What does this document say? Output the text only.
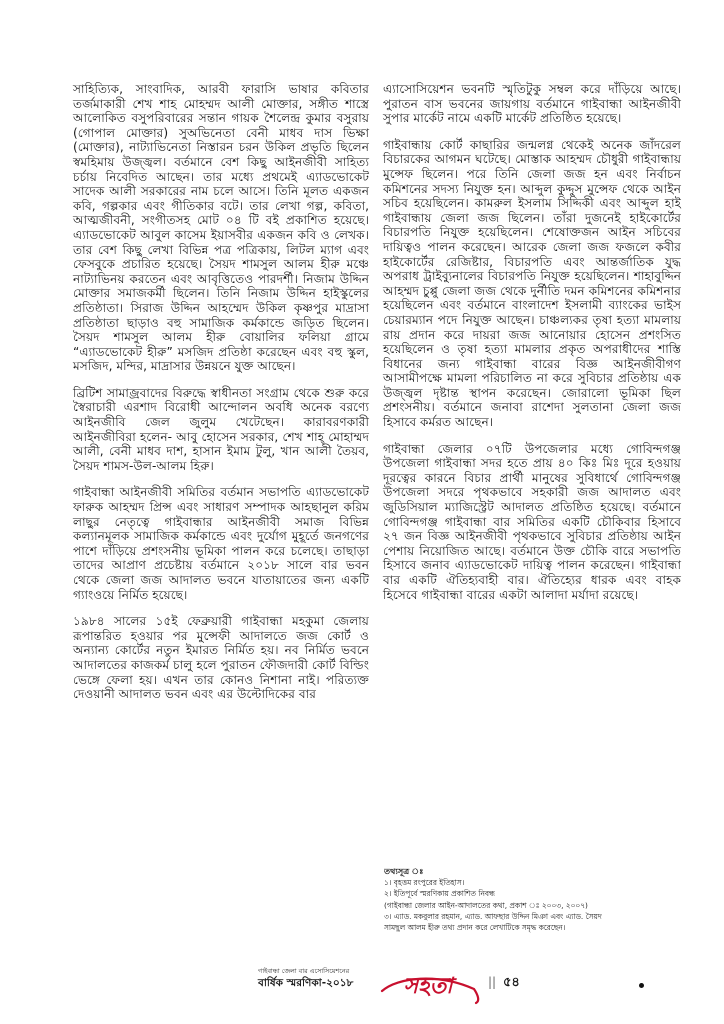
সাহিত্যিক, সাংবাদিক, আরবী ফারাসি ভাষার কবিতার তর্জমাকারী শেখ শাহ মোহম্মদ আলী মোক্তার, সঙ্গীত শাস্ত্রে আলোকিত বসুপরিবারের সন্তান গায়ক শৈলেন্দ্র কুমার বসুরায় (গোপাল মোক্তার) সুঅভিনেতা বেনী মাধব দাস ভিক্ষা (মোক্তার), নাট্যাভিনেতা নিস্তারন চরন উকিল প্রভৃতি ছিলেন স্বমহিমায় উজ্জ্বল। বর্তমানে বেশ কিছু আইনজীবী সাহিত্য চর্চায় নিবেদিত আছেন। তার মধ্যে প্রথমেই এ্যাডভোকেট সাদেক আলী সরকারের নাম চলে আসে। তিনি মূলত একজন কবি, গল্পকার এবং গীতিকার বটে। তার লেখা গল্প, কবিতা, আত্মজীবনী, সংগীতসহ মোট ০৪ টি বই প্রকাশিত হয়েছে। এ্যাডভোকেট আবুল কাসেম ইয়াসবীর একজন কবি ও লেখক। তার বেশ কিছু লেখা বিভিন্ন পত্র পত্রিকায়, লিটল ম্যাগ এবং ফেসবুকে প্রচারিত হয়েছে। সৈয়দ শামসুল আলম হীরু মঞ্চে নাট্যাভিনয় করতেন এবং আবৃত্তিতেও পারদর্শী। নিজাম উদ্দিন মোক্তার সমাজকর্মী ছিলেন। তিনি নিজাম উদ্দিন হাইস্কুলের প্রতিষ্ঠাতা। সিরাজ উদ্দিন আহম্মেদ উকিল কৃষ্ণপুর মাদ্রাসা প্রতিষ্ঠাতা ছাড়াও বহু সামাজিক কর্মকান্ডে জড়িত ছিলেন। সৈয়দ শামসুল আলম হীরু বোয়ালির ফলিয়া গ্রামে “এ্যাডভোকেট হীরু” মসজিদ প্রতিষ্ঠা করেছেন এবং বহু স্কুল, মসজিদ, মন্দির, মাদ্রাসার উন্নয়নে যুক্ত আছেন।

ব্রিটিশ সামাজ্রবাদের বিরুদ্ধে স্বাধীনতা সংগ্রাম থেকে শুরু করে স্বৈরাচারী এরশাদ বিরোধী আন্দোলন অবধি অনেক বরণ্যে আইনজীবি জেল জুলুম খেটেছেন। কারাবরণকারী আইনজীবিরা হলেন- আবু হোসেন সরকার, শেখ শাহ্ মোহাম্মদ আলী, বেনী মাধব দাশ, হাসান ইমাম টুলু, খান আলী তৈয়ব, সৈয়দ শামস-উল-আলম হিরু।

গাইবান্ধা আইনজীবী সমিতির বর্তমান সভাপতি এ্যাডভোকেট ফারুক আহম্মদ প্রিন্স এবং সাধারণ সম্পাদক আহছানুল করিম লাছুর নেতৃত্বে গাইবান্ধার আইনজীবী সমাজ বিভিন্ন কল্যানমূলক সামাজিক কর্মকান্ডে এবং দুর্যোগ মুহূর্তে জনগণের পাশে দাঁড়িয়ে প্রশংসনীয় ভূমিকা পালন করে চলেছে। তাছাড়া তাদের আপ্রাণ প্রচেষ্টায় বর্তমানে ২০১৮ সালে বার ভবন থেকে জেলা জজ আদালত ভবনে যাতায়াতের জন্য একটি গ্যাংওয়ে নির্মিত হয়েছে।

১৯৮৪ সালের ১৫ই ফেব্রুয়ারী গাইবান্ধা মহকুমা জেলায় রূপান্তরিত হওয়ার পর মুন্সেফী আদালতে জজ কোর্ট ও অন্যান্য কোর্টের নতুন ইমারত নির্মিত হয়। নব নির্মিত ভবনে আদালতের কাজকর্ম চালু হলে পুরাতন ফৌজদারী কোর্ট বিল্ডিং ভেঙ্গে ফেলা হয়। এখন তার কোনও নিশানা নাই। পরিত্যক্ত দেওয়ানী আদালত ভবন এবং এর উল্টোদিকের বার

এ্যাসোসিয়েশন ভবনটি স্মৃতিটুকু সম্বল করে দাঁড়িয়ে আছে। পুরাতন বাস ভবনের জায়গায় বর্তমানে গাইবান্ধা আইনজীবী সুপার মার্কেট নামে একটি মার্কেট প্রতিষ্ঠিত হয়েছে।

গাইবান্ধায় কোর্ট কাছারির জন্মলগ্ন থেকেই অনেক জাঁদরেল বিচারকের আগমন ঘটেছে। মোস্তাক আহম্মদ চৌধুরী গাইবান্ধায় মুন্সেফ ছিলেন। পরে তিনি জেলা জজ হন এবং নির্বাচন কমিশনের সদস্য নিযুক্ত হন। আব্দুল কুদ্দুস মুন্সেফ থেকে আইন সচিব হয়েছিলেন। কামরুল ইসলাম সিদ্দিকী এবং আব্দুল হাই গাইবান্ধায় জেলা জজ ছিলেন। তাঁরা দুজনেই হাইকোর্টের বিচারপতি নিযুক্ত হয়েছিলেন। শেষোক্তজন আইন সচিবের দায়িত্বও পালন করেছেন। আরেক জেলা জজ ফজলে কবীর হাইকোর্টের রেজিষ্টার, বিচারপতি এবং আন্তর্জাতিক যুদ্ধ অপরাধ ট্রাইব্যুনালের বিচারপতি নিযুক্ত হয়েছিলেন। শাহাবুদ্দিন আহম্মদ চুপ্পু জেলা জজ থেকে দুর্নীতি দমন কমিশনের কমিশনার হয়েছিলেন এবং বর্তমানে বাংলাদেশ ইসলামী ব্যাংকের ভাইস চেয়ারম্যান পদে নিযুক্ত আছেন। চাঞ্চল্যকর তৃষা হত্যা মামলায় রায় প্রদান করে দায়রা জজ আনোয়ার হোসেন প্রশংসিত হয়েছিলেন ও তৃষা হত্যা মামলার প্রকৃত অপরাধীদের শাস্তি বিধানের জন্য গাইবান্ধা বারের বিজ্ঞ আইনজীবীগণ আসামীপক্ষে মামলা পরিচালিত না করে সুবিচার প্রতিষ্ঠায় এক উজ্জ্বল দৃষ্টান্ত স্থাপন করেছেন। জোরালো ভূমিকা ছিল প্রশংসনীয়। বর্তমানে জনাবা রাশেদা সুলতানা জেলা জজ হিসাবে কর্মরত আছেন।

গাইবান্ধা জেলার ০৭টি উপজেলার মধ্যে গোবিন্দগঞ্জ উপজেলা গাইবান্ধা সদর হতে প্রায় ৪০ কিঃ মিঃ দূরে হওয়ায় দূরত্বের কারনে বিচার প্রার্থী মানুষের সুবিধার্থে গোবিন্দগঞ্জ উপজেলা সদরে পৃথকভাবে সহকারী জজ আদালত এবং জুডিসিয়াল ম্যাজিস্ট্রেট আদালত প্রতিষ্ঠিত হয়েছে। বর্তমানে গোবিন্দগঞ্জ গাইবান্ধা বার সমিতির একটি চৌকিবার হিসাবে ২৭ জন বিজ্ঞ আইনজীবী পৃথকভাবে সুবিচার প্রতিষ্ঠায় আইন পেশায় নিয়োজিত আছে। বর্তমানে উক্ত চৌকি বারে সভাপতি হিসাবে জনাব এ্যাডভোকেট দায়িত্ব পালন করেছেন। গাইবান্ধা বার একটি ঐতিহ্যবাহী বার। ঐতিহ্যের ধারক এবং বাহক হিসেবে গাইবান্ধা বারের একটা আলাদা মর্যাদা রয়েছে।

তথ্যসূত্র ঃ
১। বৃহত্তম রংপুরের ইতিহাস।
২। ইতিপূর্বে স্মরণিকায় প্রকাশিত নিবন্ধ
(গাইবান্ধা জেলার আইন-আদালতের কথা, প্রকাশ ঃ ২০০৩, ২০০৭)
৩। এ্যাড. মকবুলার রহমান, এ্যাড. আফছার উদ্দিন মিঞা এবং এ্যাড. সৈয়দ
সামছুল আলম হীরু তথ্য প্রদান করে লেখাটিকে সমৃদ্ধ করেছেন।
গাইবান্ধা জেলা বার এসোসিয়েশনের
বার্ষিক স্মরণিকা-২০১৮	সহতা	|| ৫৪
